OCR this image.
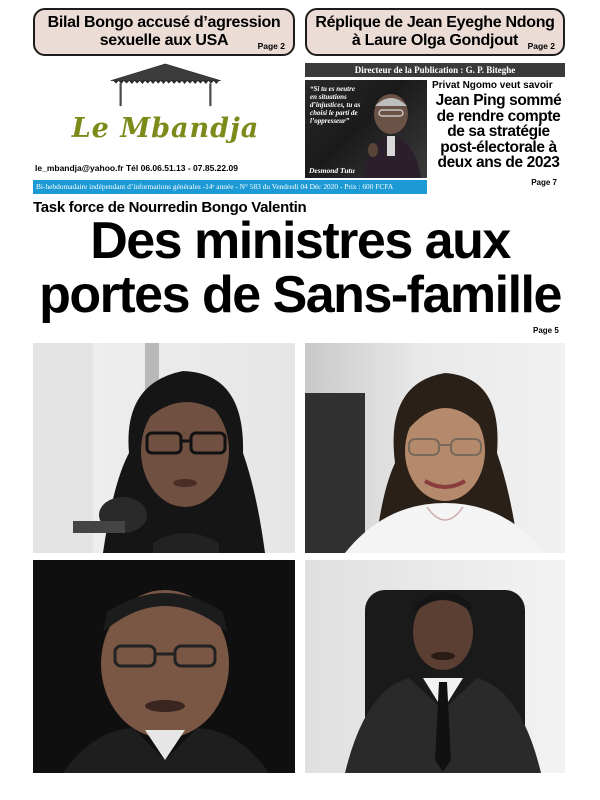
Bilal Bongo accusé d’agression sexuelle aux USA	Page 2
Réplique de Jean Eyeghe Ndong à Laure Olga Gondjout	Page 2
Le Mbandja
le_mbandja@yahoo.fr Tél 06.06.51.13 - 07.85.22.09
Bi-hebdomadaire indépendant d’informations générales -14ᵉ année - N° 583 du Vendredi 04 Déc 2020 - Prix : 600 FCFA
Directeur de la Publication : G. P. Biteghe
“Si tu es neutre en situations d’injustices, tu as choisi le parti de l’oppresseur”
Desmond Tutu
Privat Ngomo veut savoir
Jean Ping sommé de rendre compte de sa stratégie post-électorale à deux ans de 2023
Page 7
Task force de Nourredin Bongo Valentin
Des ministres aux
portes de Sans-famille
Page 5
